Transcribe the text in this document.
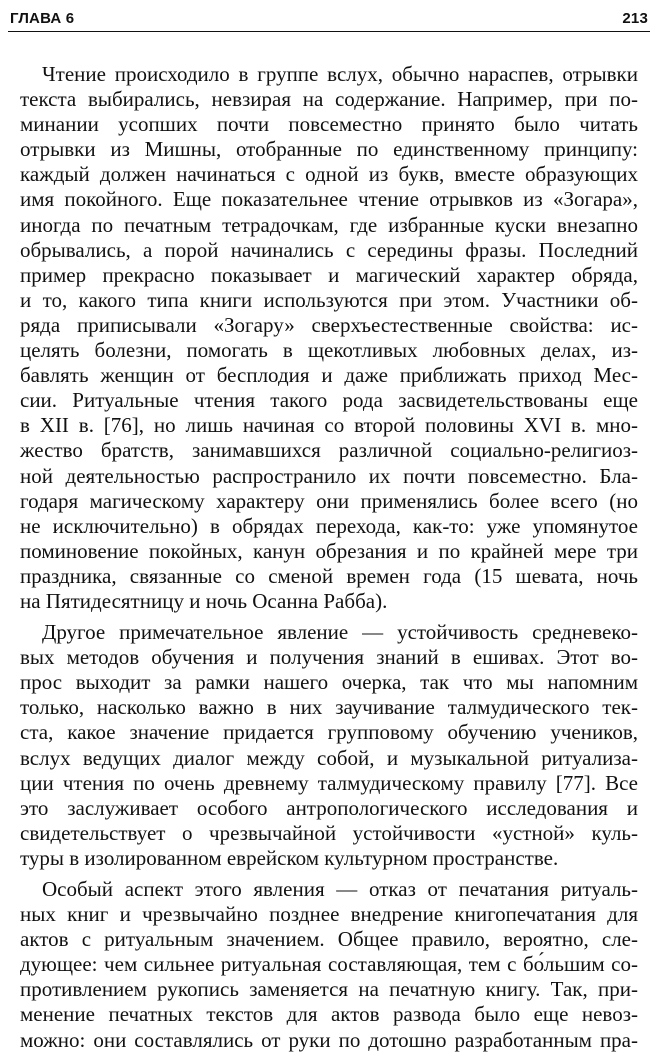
ГЛАВА 6	213
Чтение происходило в группе вслух, обычно нараспев, отрывки
текста выбирались, невзирая на содержание. Например, при по-
минании усопших почти повсеместно принято было читать
отрывки из Мишны, отобранные по единственному принципу:
каждый должен начинаться с одной из букв, вместе образующих
имя покойного. Еще показательнее чтение отрывков из «Зогара»,
иногда по печатным тетрадочкам, где избранные куски внезапно
обрывались, а порой начинались с середины фразы. Последний
пример прекрасно показывает и магический характер обряда,
и то, какого типа книги используются при этом. Участники об-
ряда приписывали «Зогару» сверхъестественные свойства: ис-
целять болезни, помогать в щекотливых любовных делах, из-
бавлять женщин от бесплодия и даже приближать приход Мес-
сии. Ритуальные чтения такого рода засвидетельствованы еще
в XII в. [76], но лишь начиная со второй половины XVI в. мно-
жество братств, занимавшихся различной социально-религиоз-
ной деятельностью распространило их почти повсеместно. Бла-
годаря магическому характеру они применялись более всего (но
не исключительно) в обрядах перехода, как-то: уже упомянутое
поминовение покойных, канун обрезания и по крайней мере три
праздника, связанные со сменой времен года (15 шевата, ночь
на Пятидесятницу и ночь Осанна Рабба).
Другое примечательное явление — устойчивость средневеко-
вых методов обучения и получения знаний в ешивах. Этот во-
прос выходит за рамки нашего очерка, так что мы напомним
только, насколько важно в них заучивание талмудического тек-
ста, какое значение придается групповому обучению учеников,
вслух ведущих диалог между собой, и музыкальной ритуализа-
ции чтения по очень древнему талмудическому правилу [77]. Все
это заслуживает особого антропологического исследования и
свидетельствует о чрезвычайной устойчивости «устной» куль-
туры в изолированном еврейском культурном пространстве.
Особый аспект этого явления — отказ от печатания ритуаль-
ных книг и чрезвычайно позднее внедрение книгопечатания для
актов с ритуальным значением. Общее правило, вероятно, сле-
дующее: чем сильнее ритуальная составляющая, тем с бо́льшим со-
противлением рукопись заменяется на печатную книгу. Так, при-
менение печатных текстов для актов развода было еще невоз-
можно: они составлялись от руки по дотошно разработанным пра-
